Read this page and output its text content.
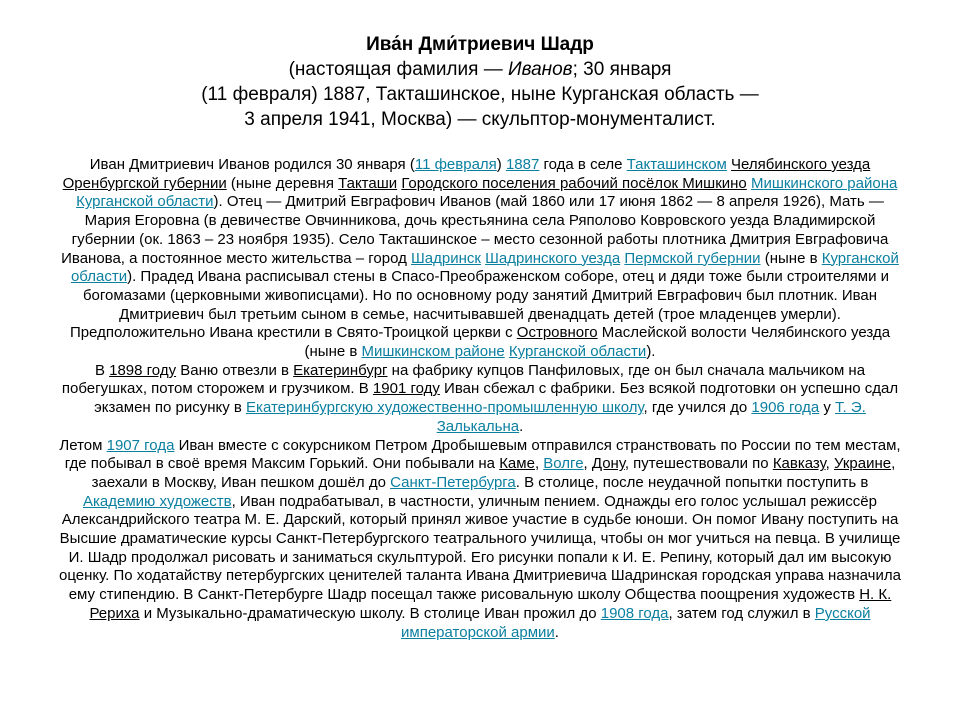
Ива́н Дми́триевич Шадр
(настоящая фамилия — Иванов; 30 января
(11 февраля) 1887, Такташинское, ныне Курганская область —
3 апреля 1941, Москва) — скульптор-монументалист.

Иван Дмитриевич Иванов родился 30 января (11 февраля) 1887 года в селе Такташинском Челябинского уезда Оренбургской губернии (ныне деревня Такташи Городского поселения рабочий посёлок Мишкино Мишкинского района Курганской области). Отец — Дмитрий Евграфович Иванов (май 1860 или 17 июня 1862 — 8 апреля 1926), Мать — Мария Егоровна (в девичестве Овчинникова, дочь крестьянина села Ряполово Ковровского уезда Владимирской губернии (ок. 1863 – 23 ноября 1935). Село Такташинское – место сезонной работы плотника Дмитрия Евграфовича Иванова, а постоянное место жительства – город Шадринск Шадринского уезда Пермской губернии (ныне в Курганской области). Прадед Ивана расписывал стены в Спасо-Преображенском соборе, отец и дяди тоже были строителями и богомазами (церковными живописцами). Но по основному роду занятий Дмитрий Евграфович был плотник. Иван Дмитриевич был третьим сыном в семье, насчитывавшей двенадцать детей (трое младенцев умерли).

Предположительно Ивана крестили в Свято-Троицкой церкви с Островного Маслейской волости Челябинского уезда (ныне в Мишкинском районе Курганской области).

В 1898 году Ваню отвезли в Екатеринбург на фабрику купцов Панфиловых, где он был сначала мальчиком на побегушках, потом сторожем и грузчиком. В 1901 году Иван сбежал с фабрики. Без всякой подготовки он успешно сдал экзамен по рисунку в Екатеринбургскую художественно-промышленную школу, где учился до 1906 года у Т. Э. Залькальна.

Летом 1907 года Иван вместе с сокурсником Петром Дробышевым отправился странствовать по России по тем местам, где побывал в своё время Максим Горький. Они побывали на Каме, Волге, Дону, путешествовали по Кавказу, Украине, заехали в Москву, Иван пешком дошёл до Санкт-Петербурга. В столице, после неудачной попытки поступить в Академию художеств, Иван подрабатывал, в частности, уличным пением. Однажды его голос услышал режиссёр Александрийского театра М. Е. Дарский, который принял живое участие в судьбе юноши. Он помог Ивану поступить на Высшие драматические курсы Санкт-Петербургского театрального училища, чтобы он мог учиться на певца. В училище И. Шадр продолжал рисовать и заниматься скульптурой. Его рисунки попали к И. Е. Репину, который дал им высокую оценку. По ходатайству петербургских ценителей таланта Ивана Дмитриевича Шадринская городская управа назначила ему стипендию. В Санкт-Петербурге Шадр посещал также рисовальную школу Общества поощрения художеств Н. К. Рериха и Музыкально-драматическую школу. В столице Иван прожил до 1908 года, затем год служил в Русской императорской армии.
